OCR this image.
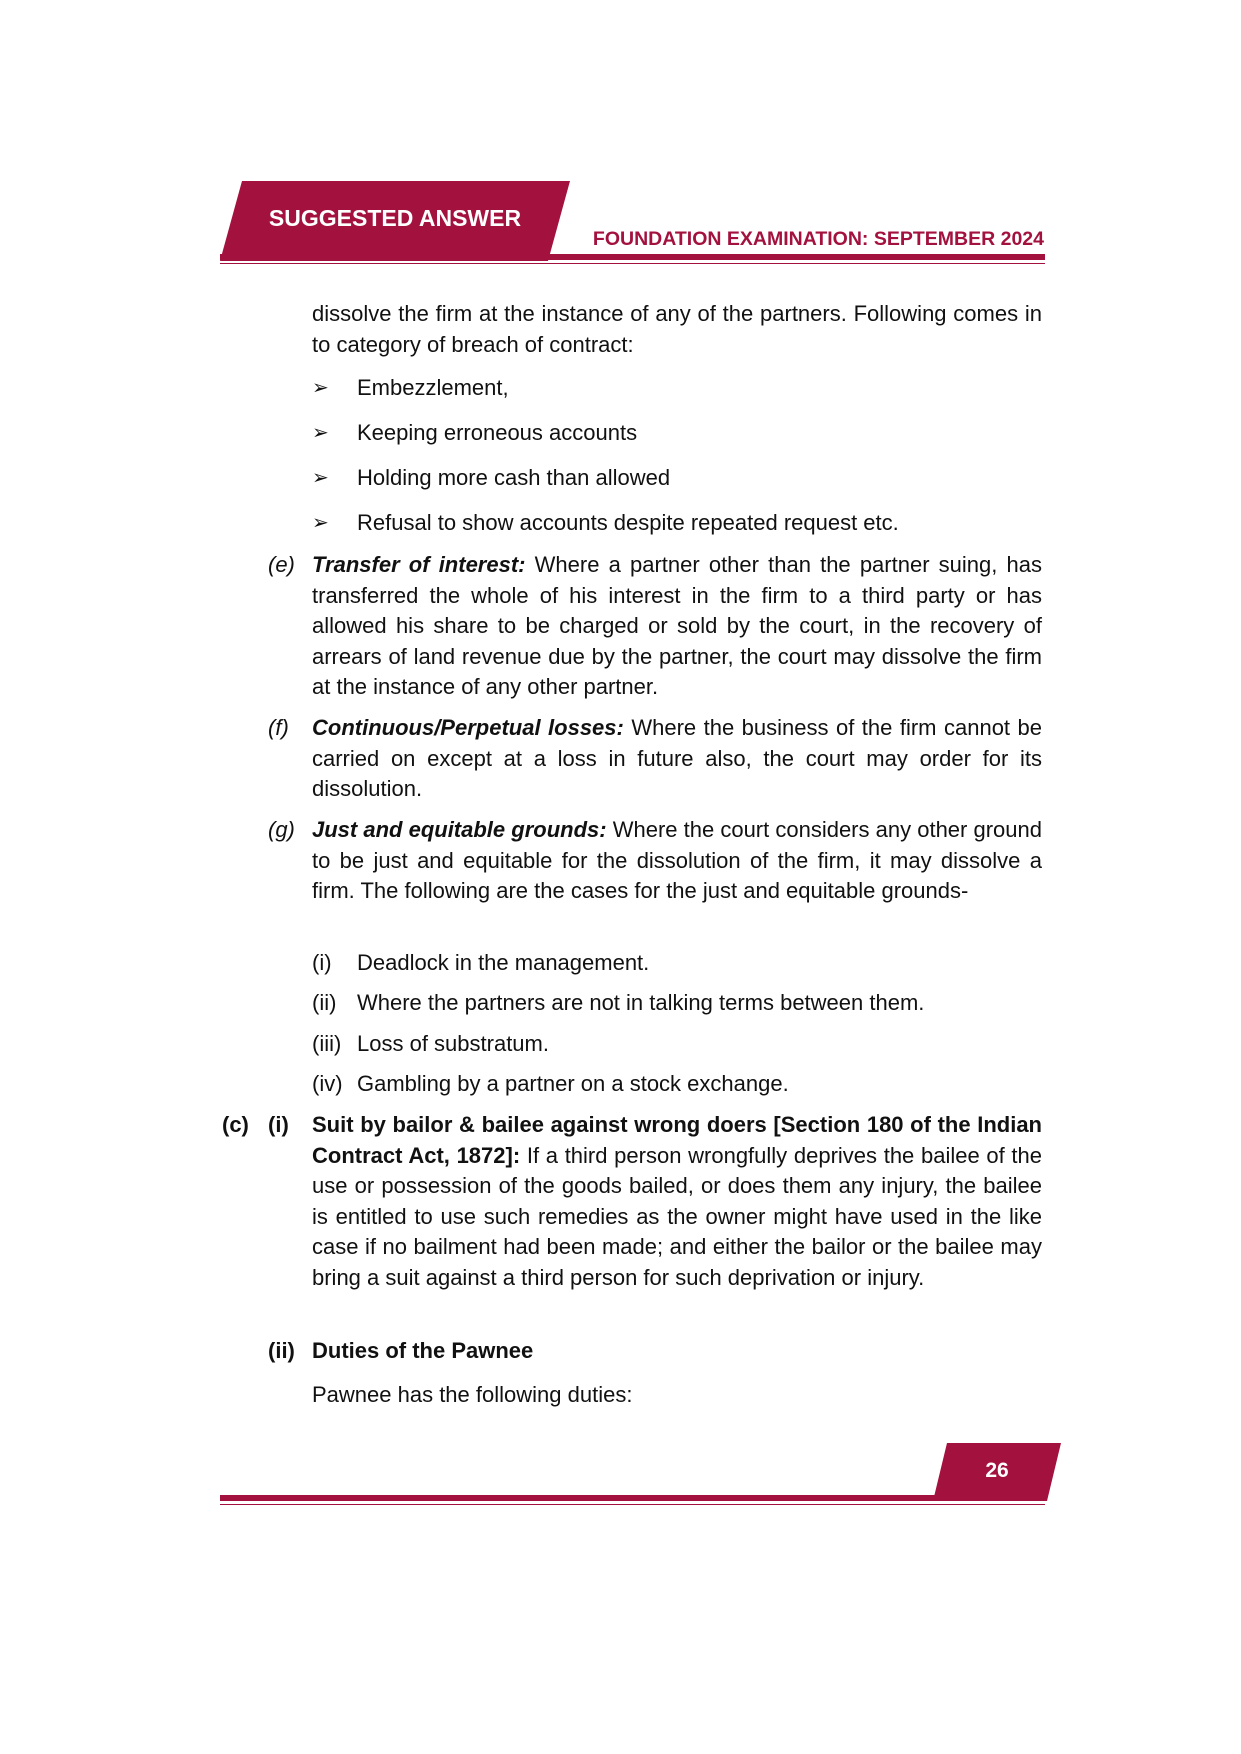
SUGGESTED ANSWER
FOUNDATION EXAMINATION: SEPTEMBER 2024
dissolve the firm at the instance of any of the partners. Following comes in to category of breach of contract:
➢ Embezzlement,
➢ Keeping erroneous accounts
➢ Holding more cash than allowed
➢ Refusal to show accounts despite repeated request etc.
(e) Transfer of interest: Where a partner other than the partner suing, has transferred the whole of his interest in the firm to a third party or has allowed his share to be charged or sold by the court, in the recovery of arrears of land revenue due by the partner, the court may dissolve the firm at the instance of any other partner.
(f) Continuous/Perpetual losses: Where the business of the firm cannot be carried on except at a loss in future also, the court may order for its dissolution.
(g) Just and equitable grounds: Where the court considers any other ground to be just and equitable for the dissolution of the firm, it may dissolve a firm. The following are the cases for the just and equitable grounds-
(i) Deadlock in the management.
(ii) Where the partners are not in talking terms between them.
(iii) Loss of substratum.
(iv) Gambling by a partner on a stock exchange.
(c) (i) Suit by bailor & bailee against wrong doers [Section 180 of the Indian Contract Act, 1872]: If a third person wrongfully deprives the bailee of the use or possession of the goods bailed, or does them any injury, the bailee is entitled to use such remedies as the owner might have used in the like case if no bailment had been made; and either the bailor or the bailee may bring a suit against a third person for such deprivation or injury.
(ii) Duties of the Pawnee
Pawnee has the following duties:
26
